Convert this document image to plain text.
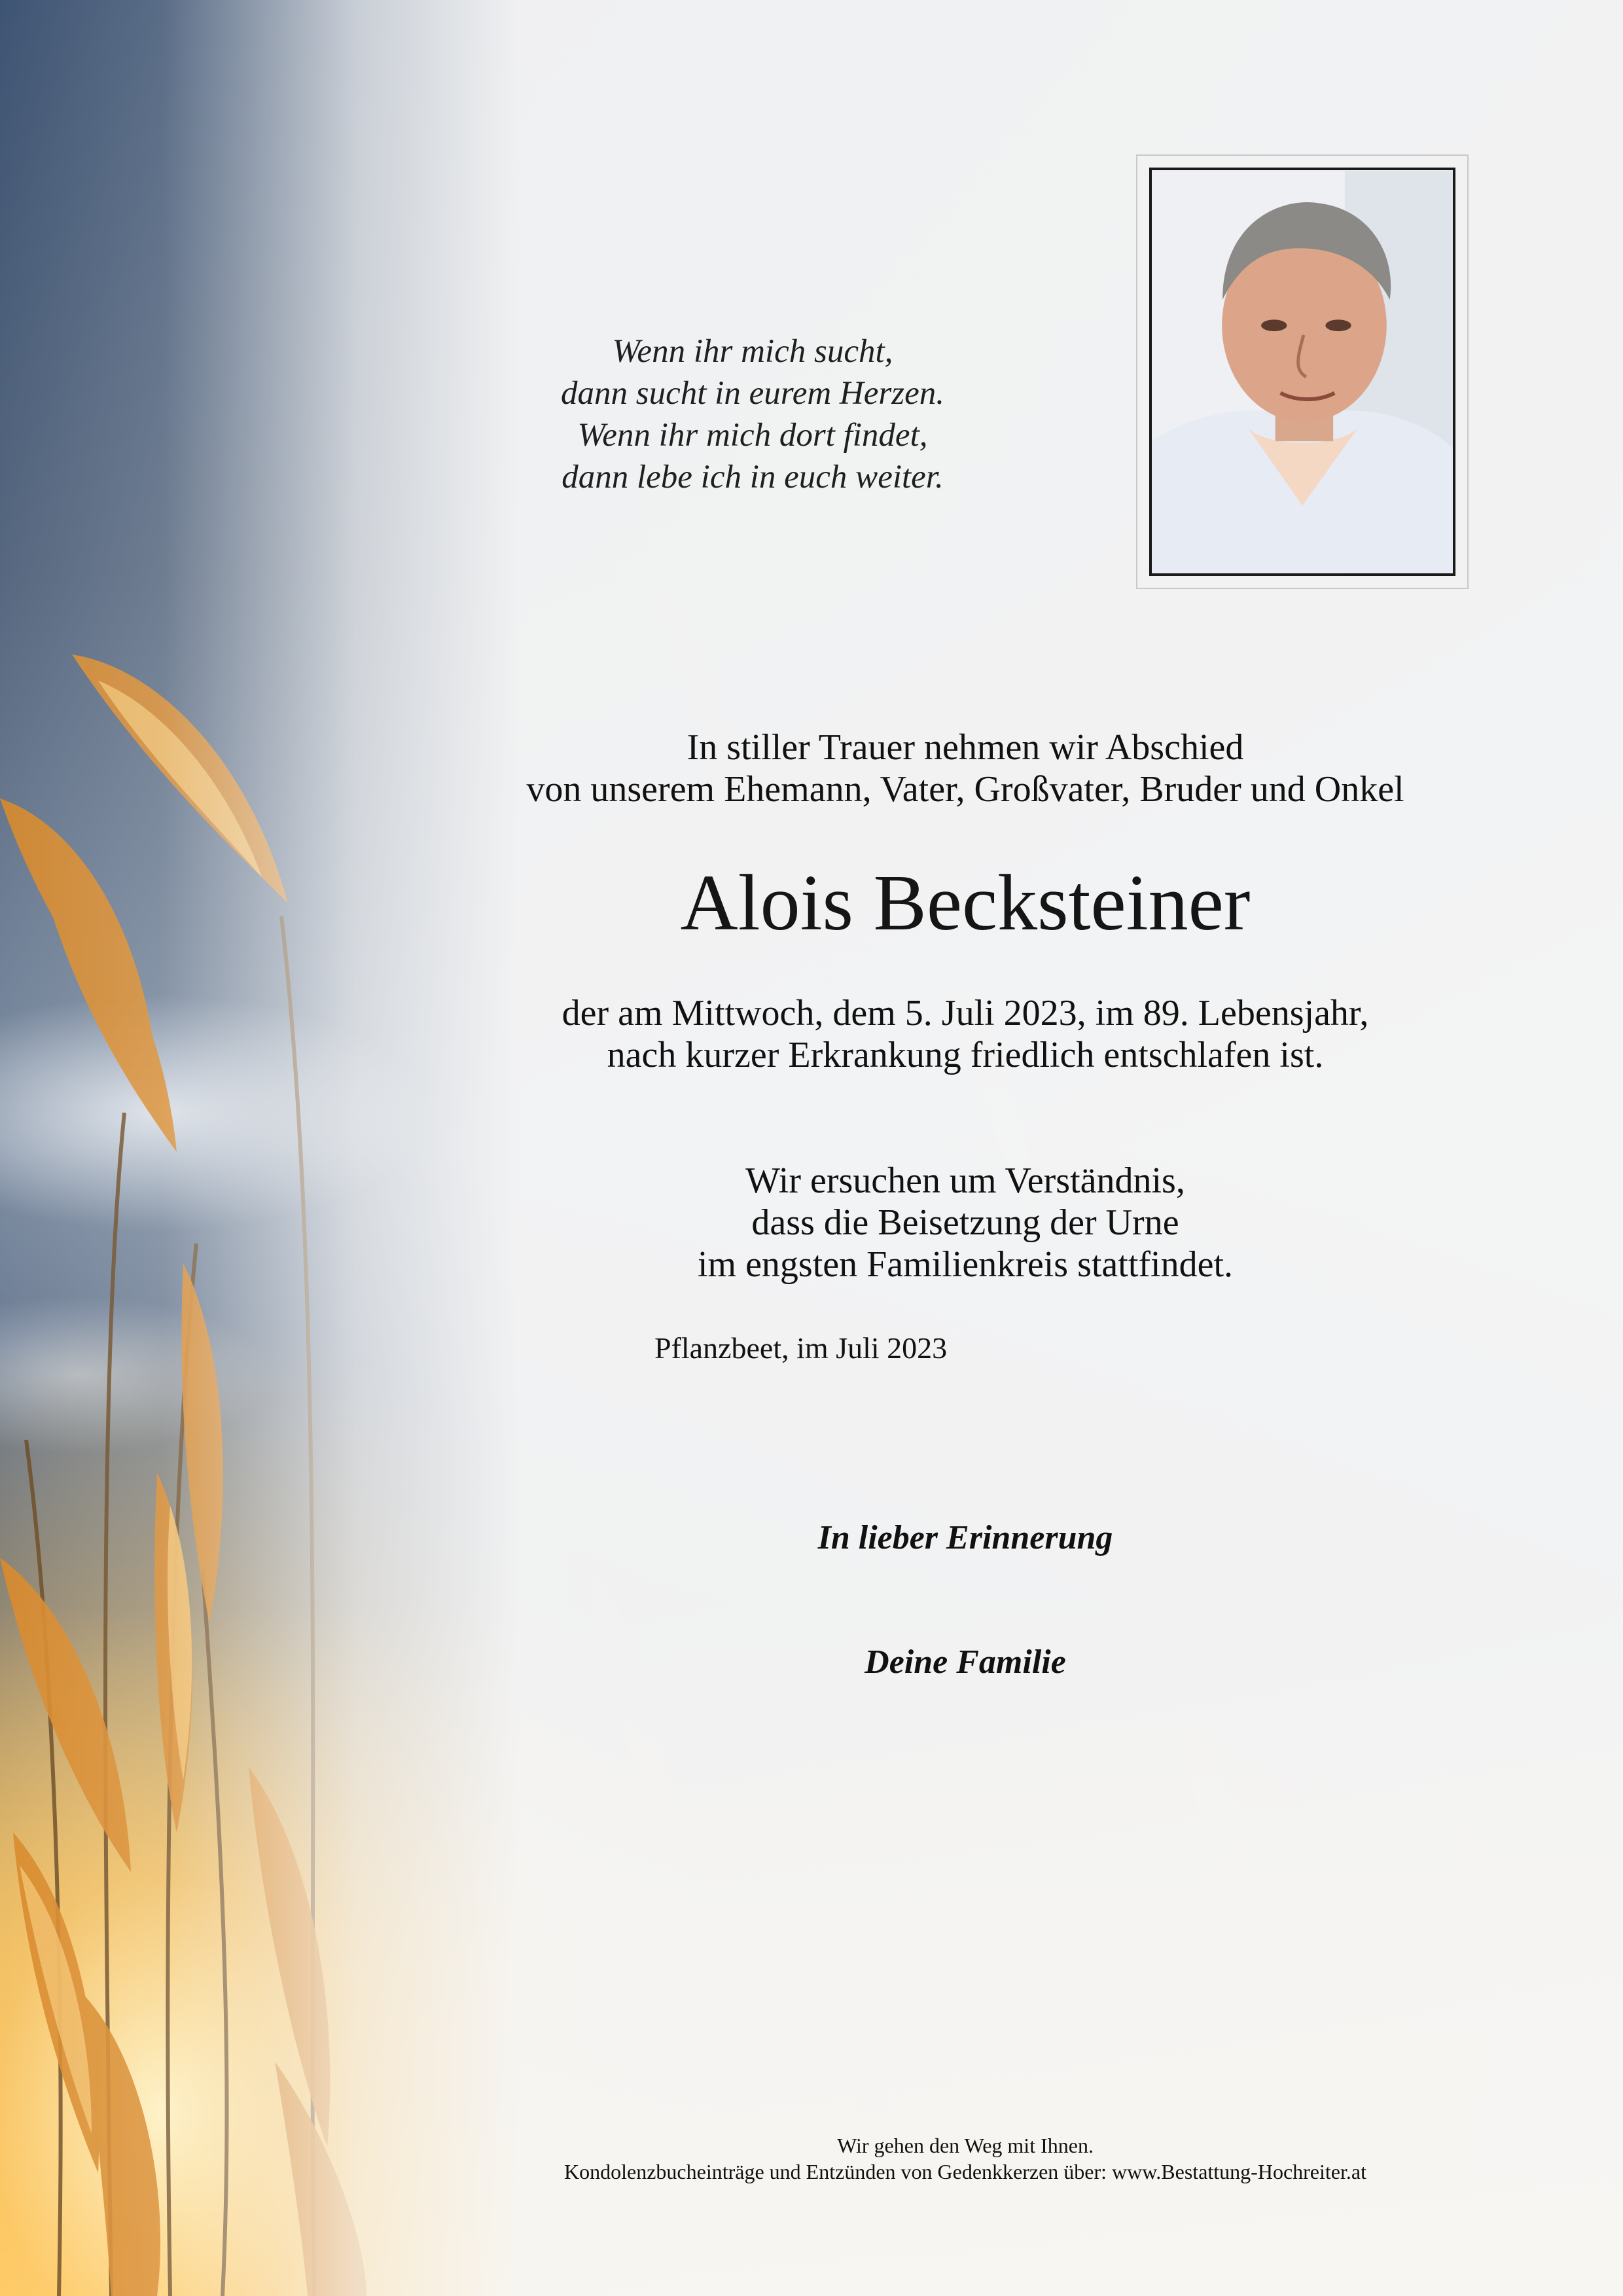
Wenn ihr mich sucht,
dann sucht in eurem Herzen.
Wenn ihr mich dort findet,
dann lebe ich in euch weiter.
In stiller Trauer nehmen wir Abschied
von unserem Ehemann, Vater, Großvater, Bruder und Onkel
Alois Becksteiner
der am Mittwoch, dem 5. Juli 2023, im 89. Lebensjahr,
nach kurzer Erkrankung friedlich entschlafen ist.
Wir ersuchen um Verständnis,
dass die Beisetzung der Urne
im engsten Familienkreis stattfindet.
Pflanzbeet, im Juli 2023
In lieber Erinnerung
Deine Familie
Wir gehen den Weg mit Ihnen.
Kondolenzbucheinträge und Entzünden von Gedenkkerzen über: www.Bestattung-Hochreiter.at
